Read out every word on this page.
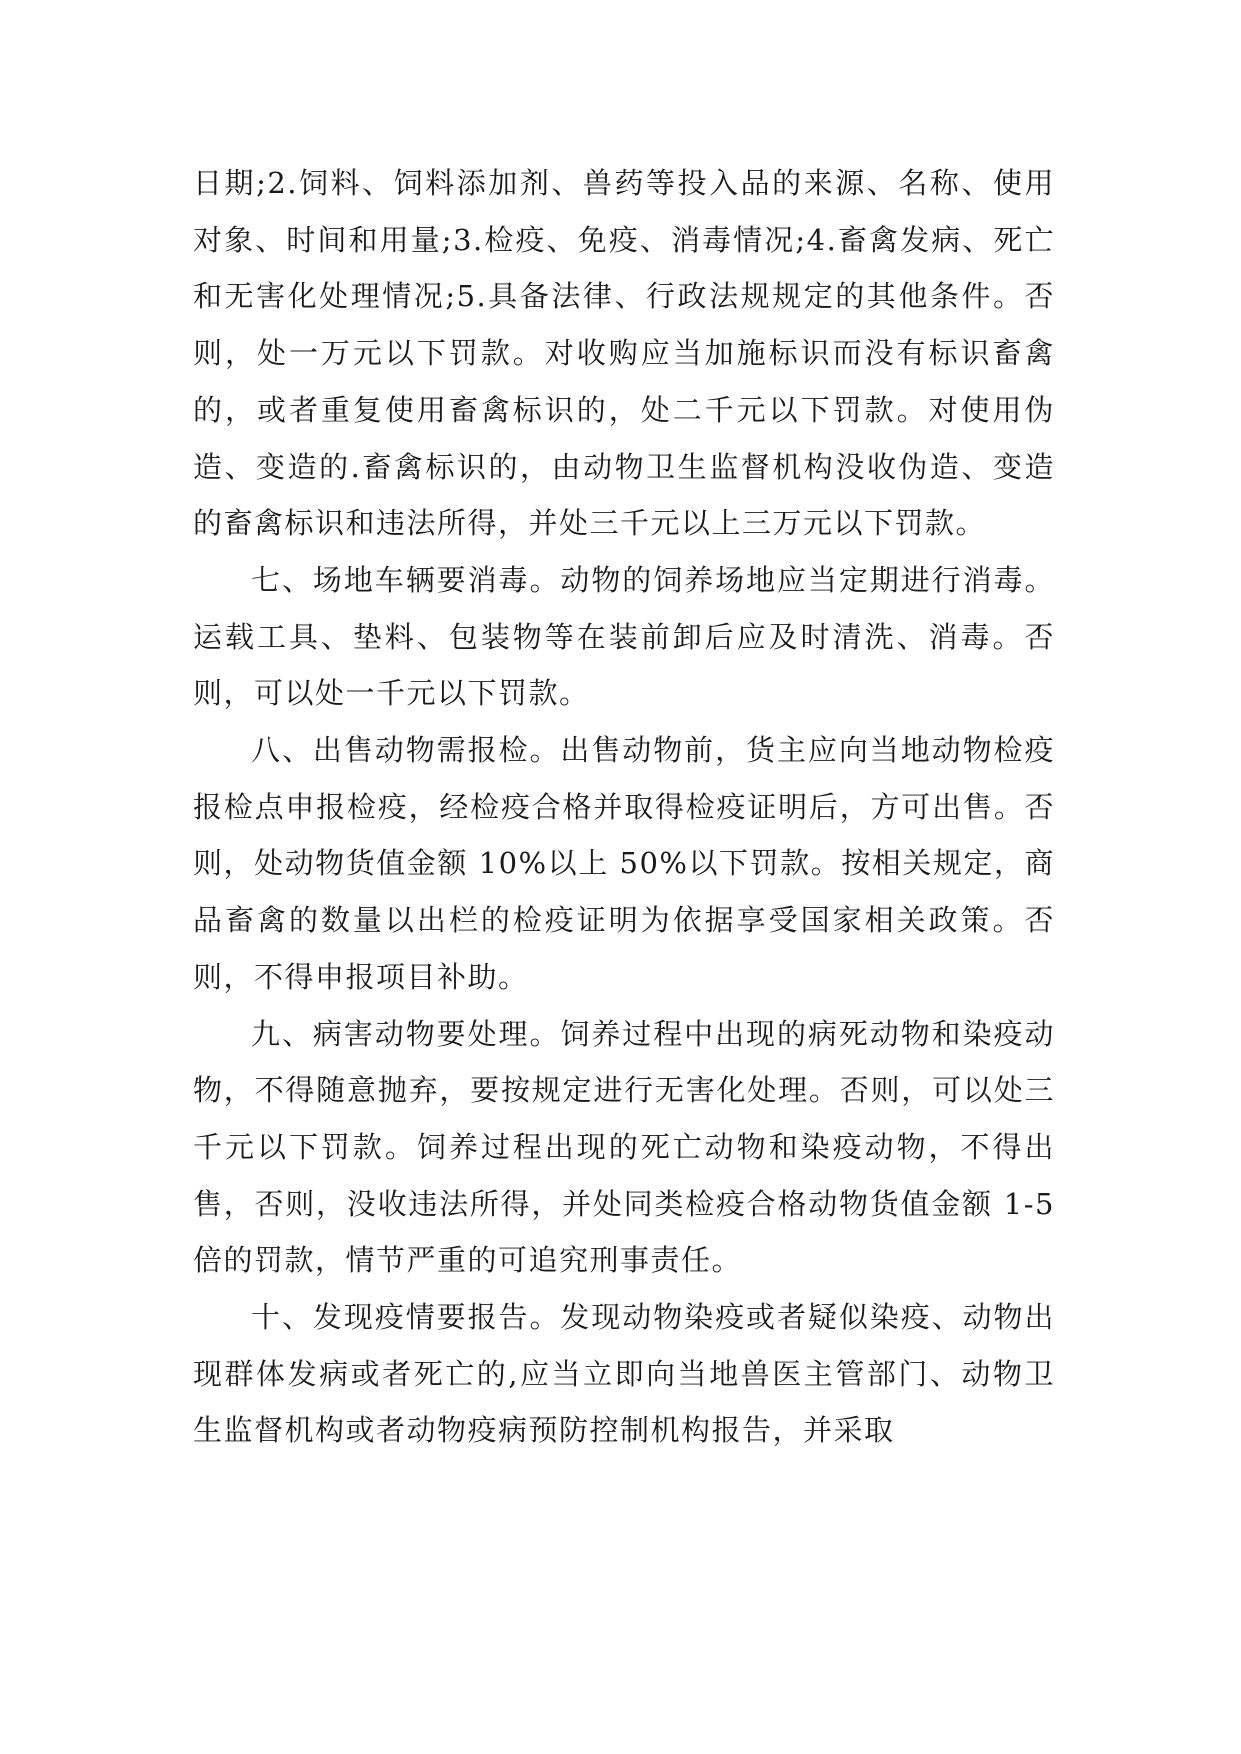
日期;2.饲料、饲料添加剂、兽药等投入品的来源、名称、使用对象、时间和用量;3.检疫、免疫、消毒情况;4.畜禽发病、死亡和无害化处理情况;5.具备法律、行政法规规定的其他条件。否则，处一万元以下罚款。对收购应当加施标识而没有标识畜禽的，或者重复使用畜禽标识的，处二千元以下罚款。对使用伪造、变造的.畜禽标识的，由动物卫生监督机构没收伪造、变造的畜禽标识和违法所得，并处三千元以上三万元以下罚款。

七、场地车辆要消毒。动物的饲养场地应当定期进行消毒。运载工具、垫料、包装物等在装前卸后应及时清洗、消毒。否则，可以处一千元以下罚款。

八、出售动物需报检。出售动物前，货主应向当地动物检疫报检点申报检疫，经检疫合格并取得检疫证明后，方可出售。否则，处动物货值金额 10%以上 50%以下罚款。按相关规定，商品畜禽的数量以出栏的检疫证明为依据享受国家相关政策。否则，不得申报项目补助。

九、病害动物要处理。饲养过程中出现的病死动物和染疫动物，不得随意抛弃，要按规定进行无害化处理。否则，可以处三千元以下罚款。饲养过程出现的死亡动物和染疫动物，不得出售，否则，没收违法所得，并处同类检疫合格动物货值金额 1-5 倍的罚款，情节严重的可追究刑事责任。

十、发现疫情要报告。发现动物染疫或者疑似染疫、动物出现群体发病或者死亡的,应当立即向当地兽医主管部门、动物卫生监督机构或者动物疫病预防控制机构报告，并采取
